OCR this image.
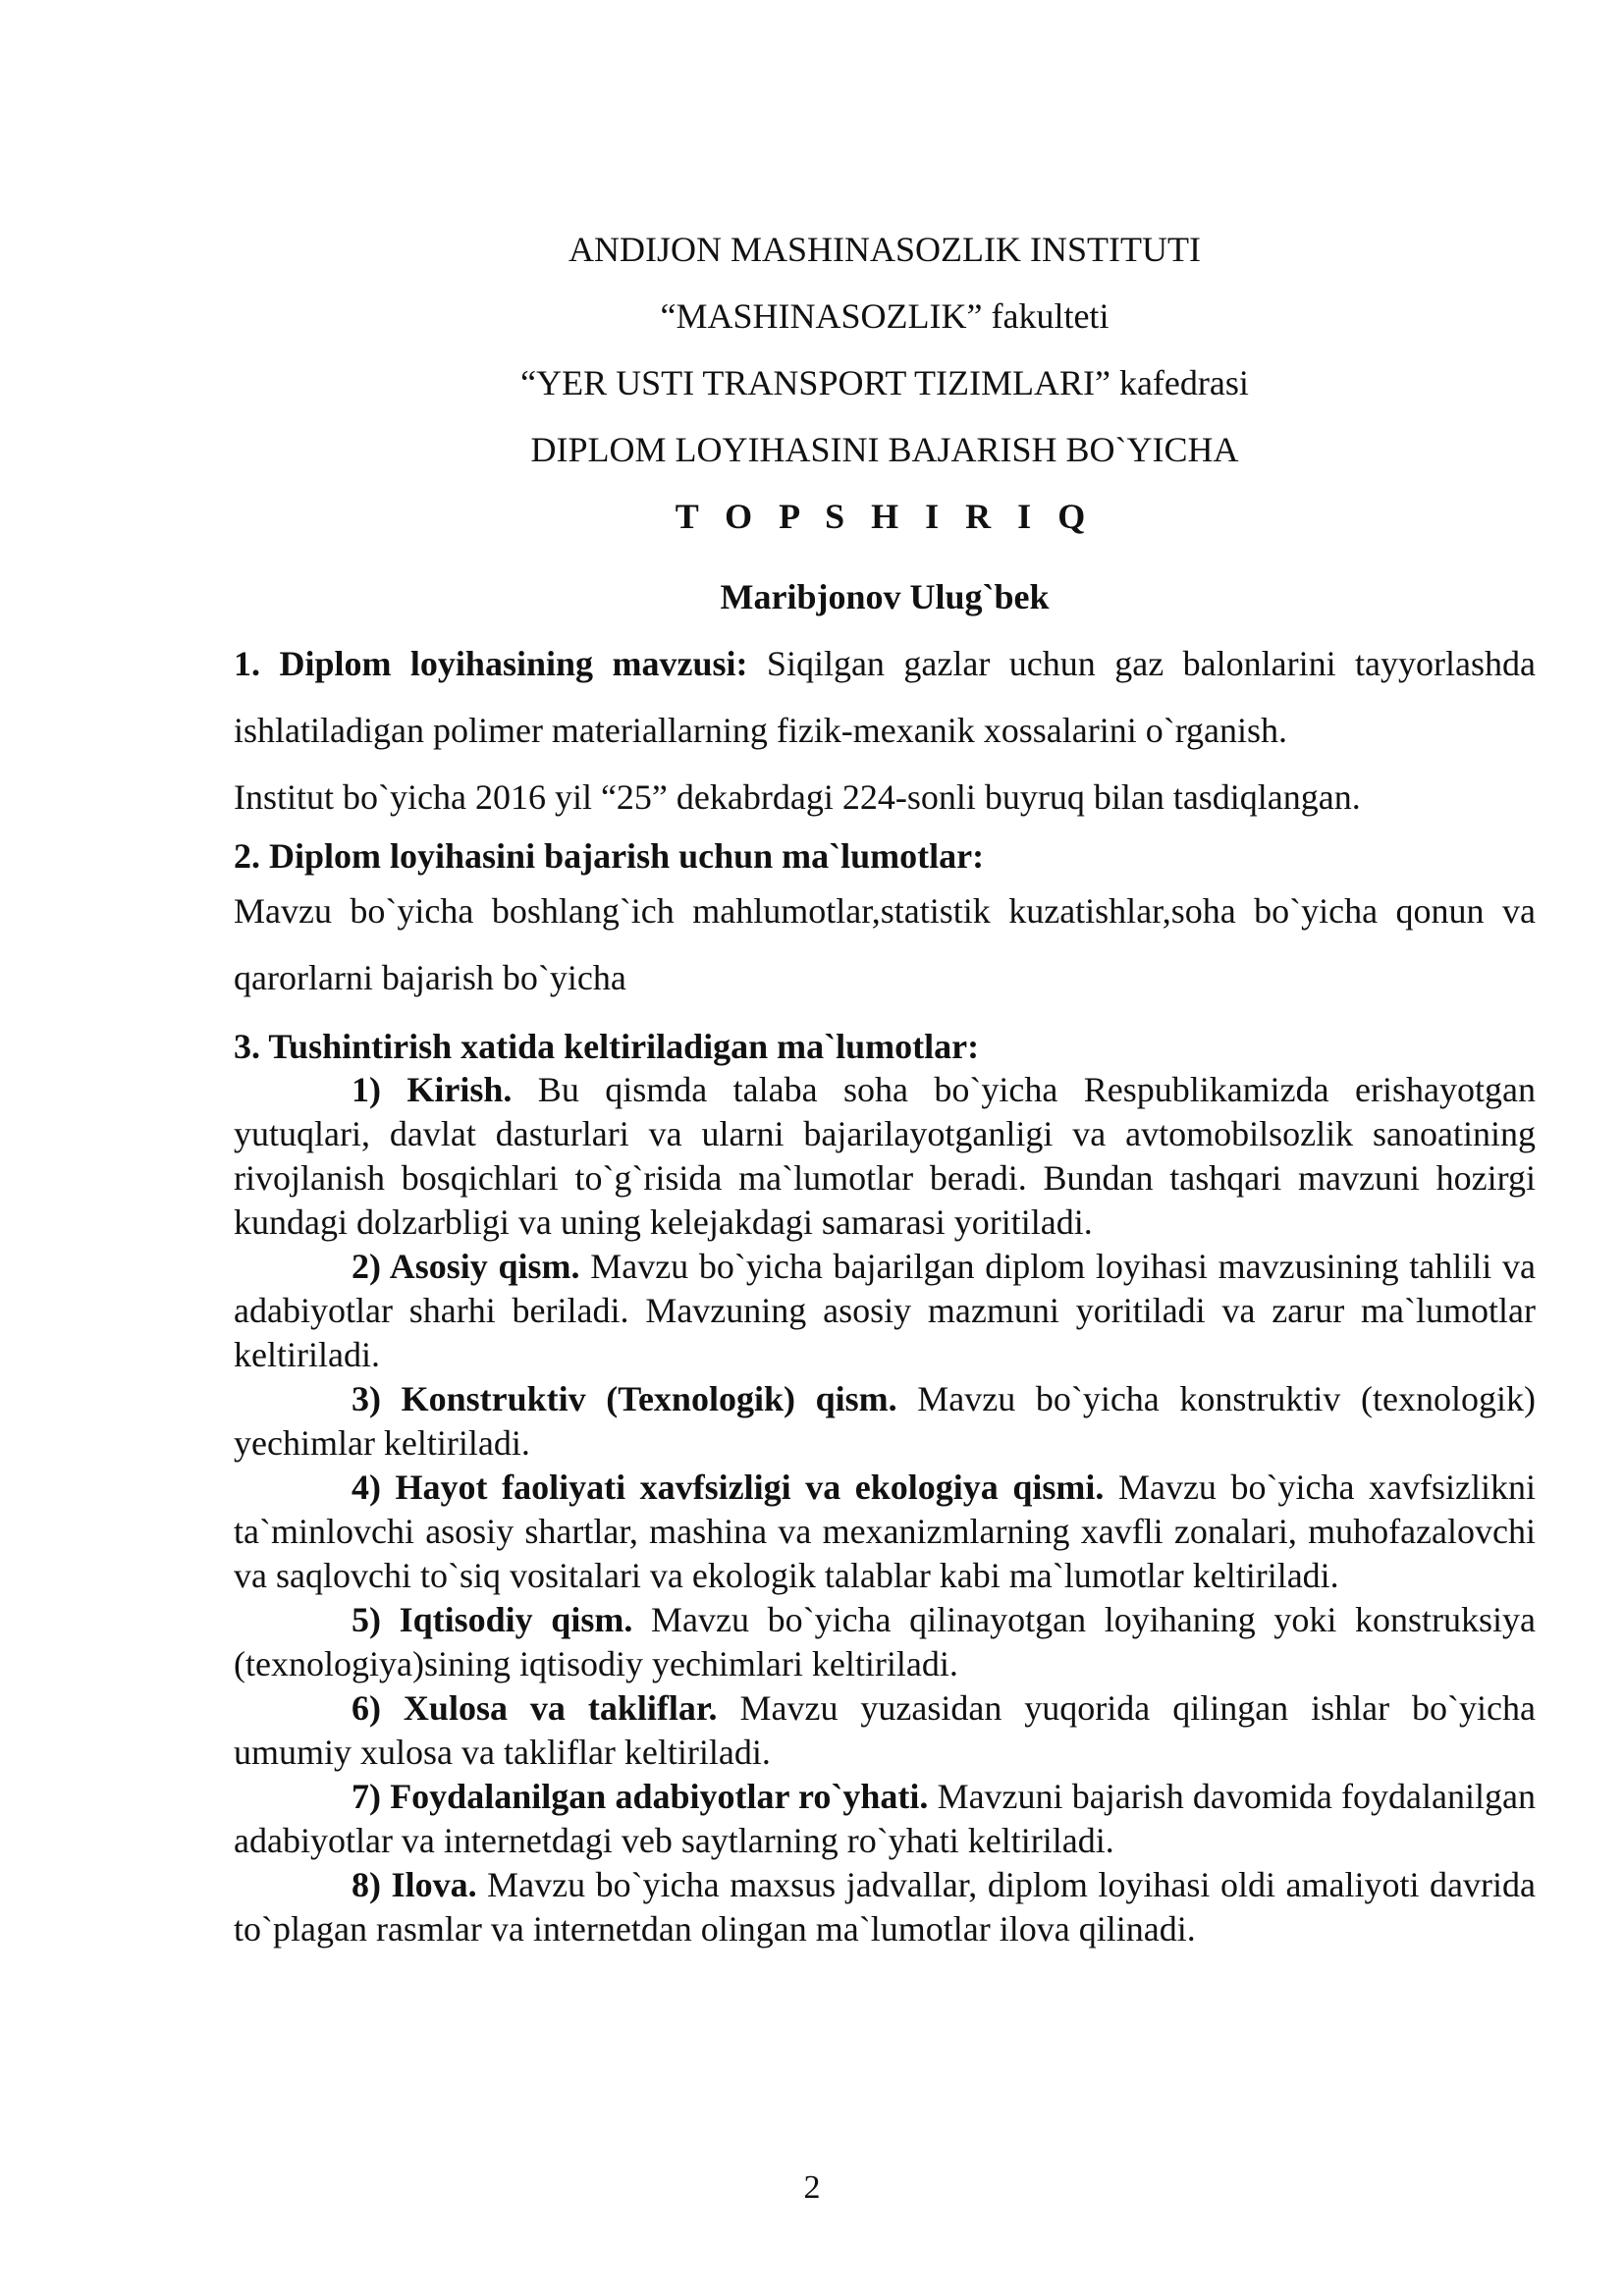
ANDIJON MASHINASOZLIK INSTITUTI
“MASHINASOZLIK” fakulteti
“YER USTI TRANSPORT TIZIMLARI” kafedrasi
DIPLOM LOYIHASINI BAJARISH BO`YICHA
T O P S H I R I Q
Maribjonov Ulug`bek
1. Diplom loyihasining mavzusi: Siqilgan gazlar uchun gaz balonlarini tayyorlashda ishlatiladigan polimer materiallarning fizik-mexanik xossalarini o`rganish.
Institut bo`yicha 2016 yil “25” dekabrdagi 224-sonli buyruq bilan tasdiqlangan.
2. Diplom loyihasini bajarish uchun ma`lumotlar:
Mavzu bo`yicha boshlang`ich mahlumotlar,statistik kuzatishlar,soha bo`yicha qonun va qarorlarni bajarish bo`yicha
3. Tushintirish xatida keltiriladigan ma`lumotlar:
1) Kirish. Bu qismda talaba soha bo`yicha Respublikamizda erishayotgan yutuqlari, davlat dasturlari va ularni bajarilayotganligi va avtomobilsozlik sanoatining rivojlanish bosqichlari to`g`risida ma`lumotlar beradi. Bundan tashqari mavzuni hozirgi kundagi dolzarbligi va uning kelejakdagi samarasi yoritiladi.
2) Asosiy qism. Mavzu bo`yicha bajarilgan diplom loyihasi mavzusining tahlili va adabiyotlar sharhi beriladi. Mavzuning asosiy mazmuni yoritiladi va zarur ma`lumotlar keltiriladi.
3) Konstruktiv (Texnologik) qism. Mavzu bo`yicha konstruktiv (texnologik) yechimlar keltiriladi.
4) Hayot faoliyati xavfsizligi va ekologiya qismi. Mavzu bo`yicha xavfsizlikni ta`minlovchi asosiy shartlar, mashina va mexanizmlarning xavfli zonalari, muhofazalovchi va saqlovchi to`siq vositalari va ekologik talablar kabi ma`lumotlar keltiriladi.
5) Iqtisodiy qism. Mavzu bo`yicha qilinayotgan loyihaning yoki konstruksiya (texnologiya)sining iqtisodiy yechimlari keltiriladi.
6) Xulosa va takliflar. Mavzu yuzasidan yuqorida qilingan ishlar bo`yicha umumiy xulosa va takliflar keltiriladi.
7) Foydalanilgan adabiyotlar ro`yhati. Mavzuni bajarish davomida foydalanilgan adabiyotlar va internetdagi veb saytlarning ro`yhati keltiriladi.
8) Ilova. Mavzu bo`yicha maxsus jadvallar, diplom loyihasi oldi amaliyoti davrida to`plagan rasmlar va internetdan olingan ma`lumotlar ilova qilinadi.
2
